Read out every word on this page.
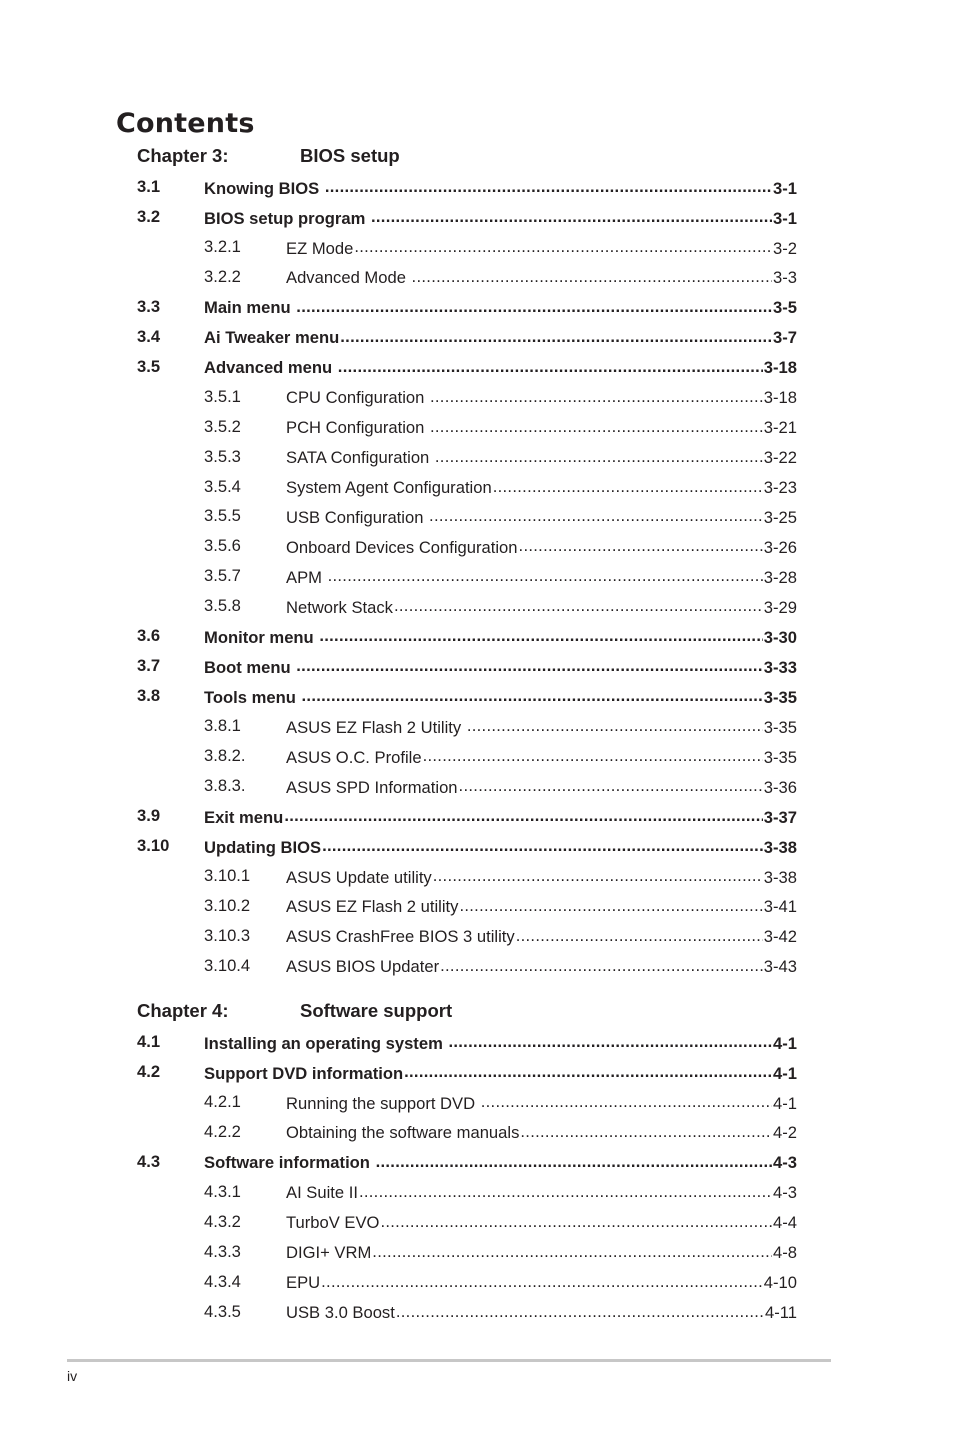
Contents
Chapter 3:	BIOS setup
3.1	Knowing BIOS .....	3-1
3.2	BIOS setup program .....	3-1
3.2.1	EZ Mode .....	3-2
3.2.2	Advanced Mode .....	3-3
3.3	Main menu .....	3-5
3.4	Ai Tweaker menu .....	3-7
3.5	Advanced menu .....	3-18
3.5.1	CPU Configuration .....	3-18
3.5.2	PCH Configuration .....	3-21
3.5.3	SATA Configuration .....	3-22
3.5.4	System Agent Configuration .....	3-23
3.5.5	USB Configuration .....	3-25
3.5.6	Onboard Devices Configuration .....	3-26
3.5.7	APM .....	3-28
3.5.8	Network Stack .....	3-29
3.6	Monitor menu .....	3-30
3.7	Boot menu .....	3-33
3.8	Tools menu .....	3-35
3.8.1	ASUS EZ Flash 2 Utility .....	3-35
3.8.2. ASUS O.C. Profile .....	3-35
3.8.3. ASUS SPD Information .....	3-36
3.9	Exit menu .....	3-37
3.10 Updating BIOS .....	3-38
3.10.1 ASUS Update utility .....	3-38
3.10.2 ASUS EZ Flash 2 utility .....	3-41
3.10.3 ASUS CrashFree BIOS 3 utility .....	3-42
3.10.4 ASUS BIOS Updater .....	3-43
Chapter 4:	Software support
4.1	Installing an operating system .....	4-1
4.2	Support DVD information .....	4-1
4.2.1	Running the support DVD .....	4-1
4.2.2	Obtaining the software manuals .....	4-2
4.3	Software information .....	4-3
4.3.1	AI Suite II .....	4-3
4.3.2	TurboV EVO .....	4-4
4.3.3	DIGI+ VRM .....	4-8
4.3.4	EPU .....	4-10
4.3.5	USB 3.0 Boost .....	4-11
iv
